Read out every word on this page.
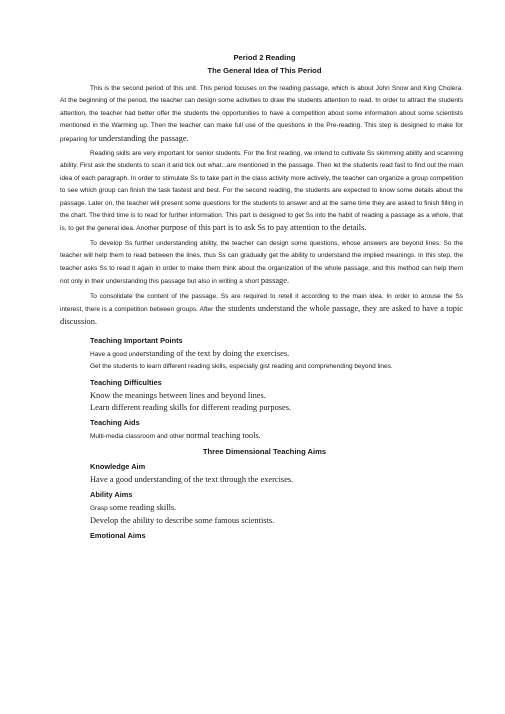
Period 2 Reading
The General Idea of This Period

This is the second period of this unit. This period focuses on the reading passage, which is about John Snow and King Cholera. At the beginning of the period, the teacher can design some activities to draw the students attention to read. In order to attract the students attention, the teacher had better offer the students the opportunities to have a competition about some information about some scientists mentioned in the Warming up. Then the teacher can make full use of the questions in the Pre-reading. This step is designed to make for preparing for understanding the passage.

Reading skills are very important for senior students. For the first reading, we intend to cultivate Ss skimming ability and scanning ability. First ask the students to scan it and tick out what...are mentioned in the passage. Then let the students read fast to find out the main idea of each paragraph. In order to stimulate Ss to take part in the class activity more actively, the teacher can organize a group competition to see which group can finish the task fastest and best. For the second reading, the students are expected to know some details about the passage. Later on, the teacher will present some questions for the students to answer and at the same time they are asked to finish filling in the chart. The third time is to read for further information. This part is designed to get Ss into the habit of reading a passage as a whole, that is, to get the general idea. Another purpose of this part is to ask Ss to pay attention to the details.

To develop Ss further understanding ability, the teacher can design some questions, whose answers are beyond lines. So the teacher will help them to read between the lines, thus Ss can gradually get the ability to understand the implied meanings. In this step, the teacher asks Ss to read it again in order to make them think about the organization of the whole passage, and this method can help them not only in their understanding this passage but also in writing a short passage.

To consolidate the content of the passage, Ss are required to retell it according to the main idea. In order to arouse the Ss interest, there is a competition between groups. After the students understand the whole passage, they are asked to have a topic discussion.

Teaching Important Points
Have a good understanding of the text by doing the exercises.
Get the students to learn different reading skills, especially gist reading and comprehending beyond lines.
Teaching Difficulties
Know the meanings between lines and beyond lines.
Learn different reading skills for different reading purposes.
Teaching Aids
Multi-media classroom and other normal teaching tools.
Three Dimensional Teaching Aims
Knowledge Aim
Have a good understanding of the text through the exercises.
Ability Aims
Grasp some reading skills.
Develop the ability to describe some famous scientists.
Emotional Aims
